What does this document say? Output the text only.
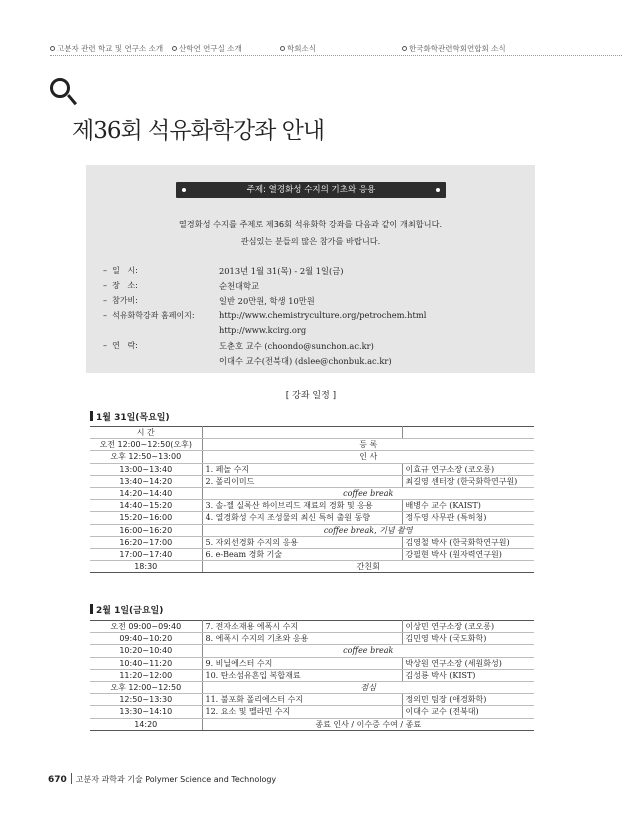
고분자 관련 학교 및 연구소 소개	산학연 연구실 소개	학회소식	한국화학관련학회연합회 소식
제36회 석유화학강좌 안내
주제: 열경화성 수지의 기초와 응용
열경화성 수지를 주제로 제36회 석유화학 강좌를 다음과 같이 개최합니다.
관심있는 분들의 많은 참가를 바랍니다.
–  일   시:	2013년 1월 31(목) - 2월 1일(금)
–  장   소:	순천대학교
–  참가비:	일반 20만원, 학생 10만원
–  석유화학강좌 홈페이지:	http://www.chemistryculture.org/petrochem.html
http://www.kcirg.org
–  연   락:	도춘호 교수 (choondo@sunchon.ac.kr)
이대수 교수(전북대) (dslee@chonbuk.ac.kr)
[ 강좌 일정 ]
1월 31일(목요일)
시 간		
오전 12:00~12:50(오후)	등 록	
오후 12:50~13:00	인 사	
13:00~13:40	1. 페놀 수지	이효규 연구소장 (코오롱)
13:40~14:20	2. 폴리이미드	최길영 센터장 (한국화학연구원)
14:20~14:40	coffee break	
14:40~15:20	3. 솔-젤 실록산 하이브리드 재료의 경화 및 응용	배병수 교수 (KAIST)
15:20~16:00	4. 열경화성 수지 조성물의 최신 특허 출원 동향	정두영 사무관 (특허청)
16:00~16:20	coffee break, 기념 촬영	
16:20~17:00	5. 자외선경화 수지의 응용	김영철 박사 (한국화학연구원)
17:00~17:40	6. e-Beam 경화 기술	강필현 박사 (원자력연구원)
18:30	간친회	
2월 1일(금요일)
오전 09:00~09:40	7. 전자소재용 에폭시 수지	이상민 연구소장 (코오롱)
09:40~10:20	8. 에폭시 수지의 기초와 응용	김민영 박사 (국도화학)
10:20~10:40	coffee break	
10:40~11:20	9. 비닐에스터 수지	박상원 연구소장 (세원화성)
11:20~12:00	10. 탄소섬유흔입 복합재료	김성룡 박사 (KIST)
오후 12:00~12:50	점심	
12:50~13:30	11. 불포화 폴리에스터 수지	정의민 팀장 (애경화학)
13:30~14:10	12. 요소 및 멜라민 수지	이대수 교수 (전북대)
14:20	종료 인사 / 이수증 수여 / 종료	
670 고분자 과학과 기술 Polymer Science and Technology
